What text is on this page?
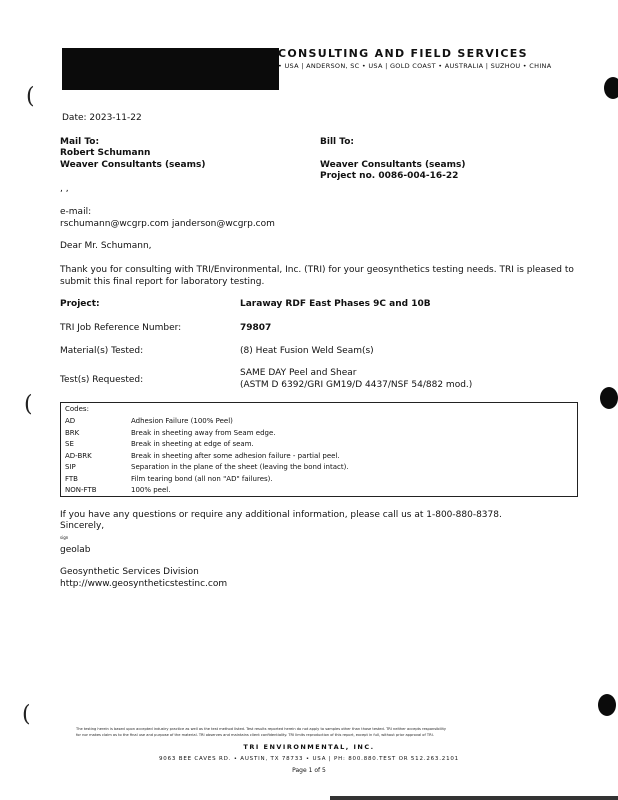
CONSULTING AND FIELD SERVICES
• USA | ANDERSON, SC • USA | GOLD COAST • AUSTRALIA | SUZHOU • CHINA
(
(
(
Date: 2023-11-22
Mail To:
Robert Schumann
Weaver Consultants (seams)
, ,
Bill To:
Weaver Consultants (seams)
Project no. 0086-004-16-22
e-mail:
rschumann@wcgrp.com janderson@wcgrp.com
Dear Mr. Schumann,
Thank you for consulting with TRI/Environmental, Inc. (TRI) for your geosynthetics testing needs. TRI is pleased to
submit this final report for laboratory testing.
Project:	Laraway RDF East Phases 9C and 10B
TRI Job Reference Number:	79807
Material(s) Tested:	(8) Heat Fusion Weld Seam(s)
Test(s) Requested:
SAME DAY Peel and Shear
(ASTM D 6392/GRI GM19/D 4437/NSF 54/882 mod.)
Codes:
AD	Adhesion Failure (100% Peel)
BRK	Break in sheeting away from Seam edge.
SE	Break in sheeting at edge of seam.
AD-BRK	Break in sheeting after some adhesion failure - partial peel.
SIP	Separation in the plane of the sheet (leaving the bond intact).
FTB	Film tearing bond (all non "AD" failures).
NON-FTB	100% peel.
If you have any questions or require any additional information, please call us at 1-800-880-8378.
Sincerely,
sign
geolab
Geosynthetic Services Division
http://www.geosyntheticstestinc.com
The testing herein is based upon accepted industry practice as well as the test method listed. Test results reported herein do not apply to samples other than those tested. TRI neither accepts responsibility
for nor makes claim as to the final use and purpose of the material. TRI observes and maintains client confidentiality. TRI limits reproduction of this report, except in full, without prior approval of TRI.
TRI ENVIRONMENTAL, INC.
9063 BEE CAVES RD. • AUSTIN, TX 78733 • USA | PH: 800.880.TEST OR 512.263.2101
Page 1 of 5
